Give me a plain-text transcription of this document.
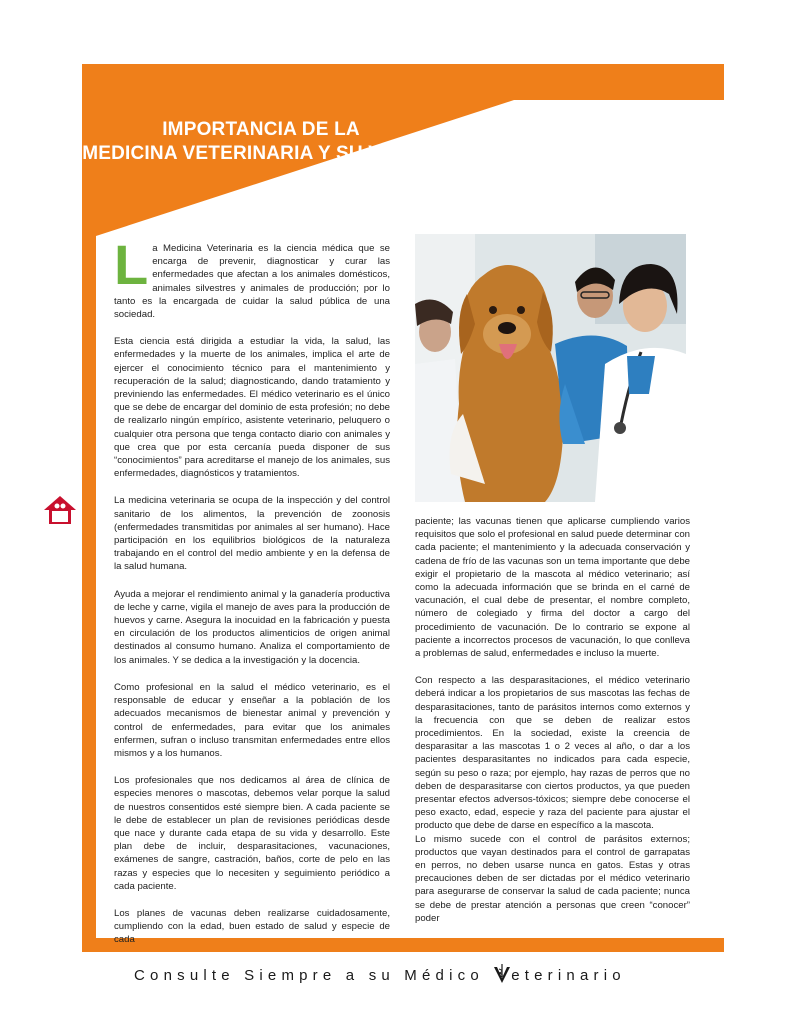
IMPORTANCIA DE LA
MEDICINA VETERINARIA Y SU VALOR.

La Medicina Veterinaria es la ciencia médica que se encarga de prevenir, diagnosticar y curar las enfermedades que afectan a los animales domésticos, animales silvestres y animales de producción; por lo tanto es la encargada de cuidar la salud pública de una sociedad.

Esta ciencia está dirigida a estudiar la vida, la salud, las enfermedades y la muerte de los animales, implica el arte de ejercer el conocimiento técnico para el mantenimiento y recuperación de la salud; diagnosticando, dando tratamiento y previniendo las enfermedades. El médico veterinario es el único que se debe de encargar del dominio de esta profesión; no debe de realizarlo ningún empírico, asistente veterinario, peluquero o cualquier otra persona que tenga contacto diario con animales y que crea que por esta cercanía pueda disponer de sus “conocimientos” para acreditarse el manejo de los animales, sus enfermedades, diagnósticos y tratamientos.

La medicina veterinaria se ocupa de la inspección y del control sanitario de los alimentos, la prevención de zoonosis (enfermedades transmitidas por animales al ser humano). Hace participación en los equilibrios biológicos de la naturaleza trabajando en el control del medio ambiente y en la defensa de la salud humana.

Ayuda a mejorar el rendimiento animal y la ganadería productiva de leche y carne, vigila el manejo de aves para la producción de huevos y carne. Asegura la inocuidad en la fabricación y puesta en circulación de los productos alimenticios de origen animal destinados al consumo humano. Analiza el comportamiento de los animales. Y se dedica a la investigación y la docencia.

Como profesional en la salud el médico veterinario, es el responsable de educar y enseñar a la población de los adecuados mecanismos de bienestar animal y prevención y control de enfermedades, para evitar que los animales enfermen, sufran o incluso transmitan enfermedades entre ellos mismos y a los humanos.

Los profesionales que nos dedicamos al área de clínica de especies menores o mascotas, debemos velar porque la salud de nuestros consentidos esté siempre bien. A cada paciente se le debe de establecer un plan de revisiones periódicas desde que nace y durante cada etapa de su vida y desarrollo. Este plan debe de incluir, desparasitaciones, vacunaciones, exámenes de sangre, castración, baños, corte de pelo en las razas y especies que lo necesiten y seguimiento periódico a cada paciente.

Los planes de vacunas deben realizarse cuidadosamente, cumpliendo con la edad, buen estado de salud y especie de cada

paciente; las vacunas tienen que aplicarse cumpliendo varios requisitos que solo el profesional en salud puede determinar con cada paciente; el mantenimiento y la adecuada conservación y cadena de frío de las vacunas son un tema importante que debe exigir el propietario de la mascota al médico veterinario; así como la adecuada información que se brinda en el carné de vacunación, el cual debe de presentar, el nombre completo, número de colegiado y firma del doctor a cargo del procedimiento de vacunación. De lo contrario se expone al paciente a incorrectos procesos de vacunación, lo que conlleva a problemas de salud, enfermedades e incluso la muerte.

Con respecto a las desparasitaciones, el médico veterinario deberá indicar a los propietarios de sus mascotas las fechas de desparasitaciones, tanto de parásitos internos como externos y la frecuencia con que se deben de realizar estos procedimientos. En la sociedad, existe la creencia de desparasitar a las mascotas 1 o 2 veces al año, o dar a los pacientes desparasitantes no indicados para cada especie, según su peso o raza; por ejemplo, hay razas de perros que no deben de desparasitarse con ciertos productos, ya que pueden presentar efectos adversos-tóxicos; siempre debe conocerse el peso exacto, edad, especie y raza del paciente para ajustar el producto que debe de darse en específico a la mascota.

Lo mismo sucede con el control de parásitos externos; productos que vayan destinados para el control de garrapatas en perros, no deben usarse nunca en gatos. Estas y otras precauciones deben de ser dictadas por el médico veterinario para asegurarse de conservar la salud de cada paciente; nunca se debe de prestar atención a personas que creen “conocer” poder

20
Consulte Siempre a su Médico eterinario
